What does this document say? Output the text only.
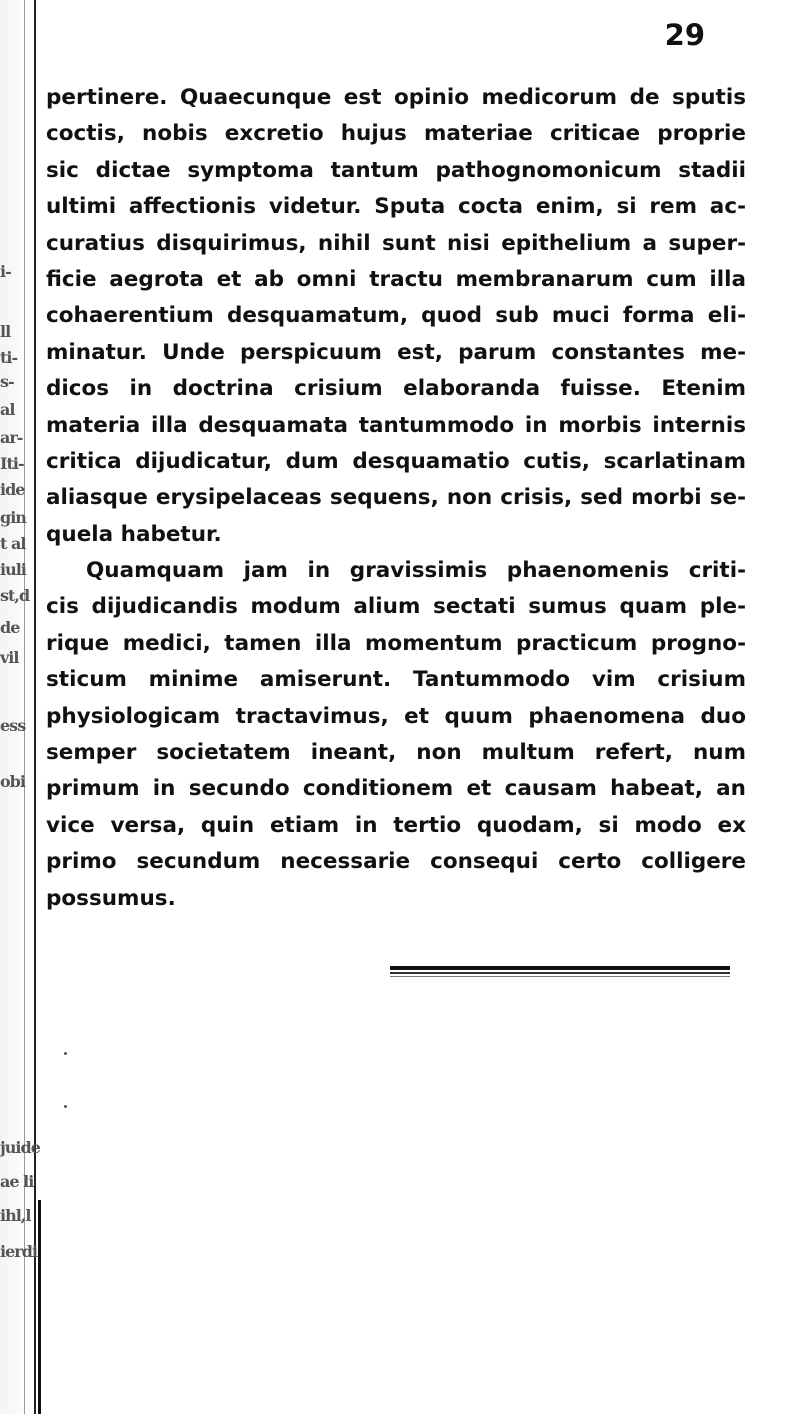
i-
ll
ti-
s-
al
ar-
Iti-
ide
gin
t al
iuli
st,d
de
vil
ess
obi
juide
ae li
ihl,l
ierdi
29
pertinere. Quaecunque est opinio medicorum de sputis
coctis, nobis excretio hujus materiae criticae proprie
sic dictae symptoma tantum pathognomonicum stadii
ultimi affectionis videtur. Sputa cocta enim, si rem ac-
curatius disquirimus, nihil sunt nisi epithelium a super-
ficie aegrota et ab omni tractu membranarum cum illa
cohaerentium desquamatum, quod sub muci forma eli-
minatur. Unde perspicuum est, parum constantes me-
dicos in doctrina crisium elaboranda fuisse. Etenim
materia illa desquamata tantummodo in morbis internis
critica dijudicatur, dum desquamatio cutis, scarlatinam
aliasque erysipelaceas sequens, non crisis, sed morbi se-
quela habetur.
Quamquam jam in gravissimis phaenomenis criti-
cis dijudicandis modum alium sectati sumus quam ple-
rique medici, tamen illa momentum practicum progno-
sticum minime amiserunt. Tantummodo vim crisium
physiologicam tractavimus, et quum phaenomena duo
semper societatem ineant, non multum refert, num
primum in secundo conditionem et causam habeat, an
vice versa, quin etiam in tertio quodam, si modo ex
primo secundum necessarie consequi certo colligere
possumus.
